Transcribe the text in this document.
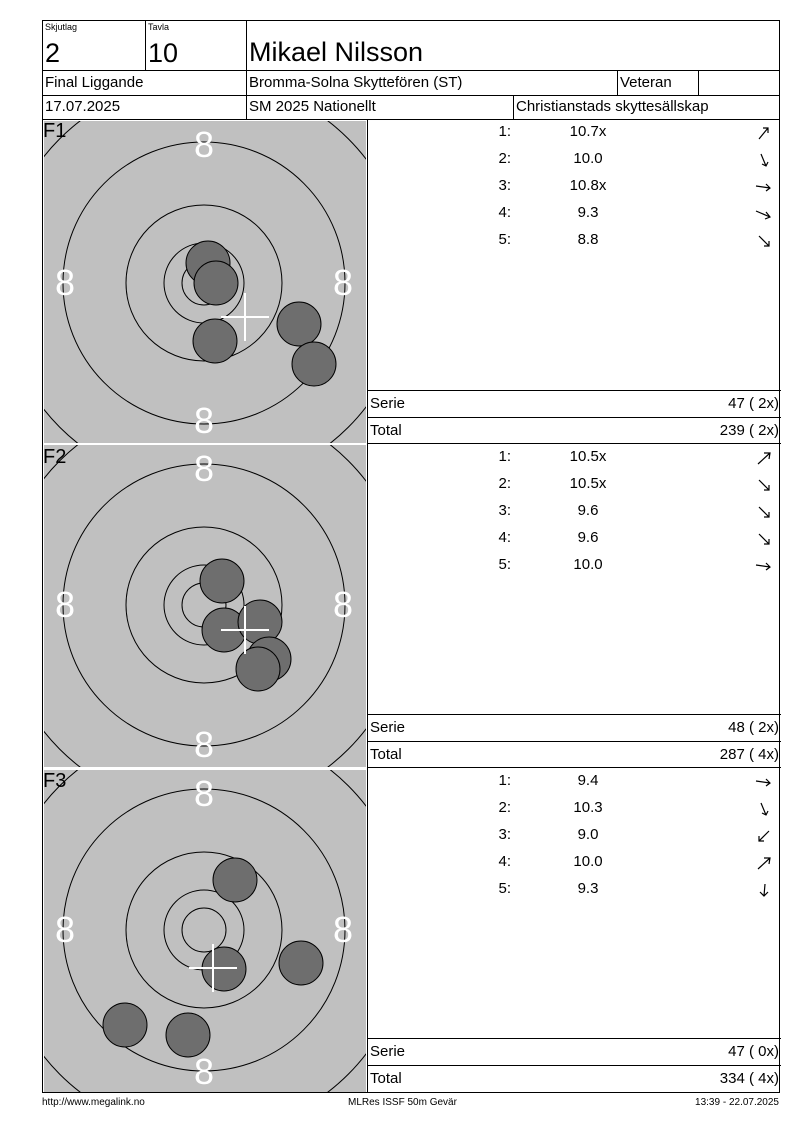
Skjutlag
2
Tavla
10	Mikael Nilsson
Final Liggande	Bromma-Solna Skyttefören (ST)	Veteran
17.07.2025	SM 2025 Nationellt	Christianstads skyttesällskap
8
8
8	8
F1	1:	10.7x
2:	10.0
3:	10.8x
4:	9.3
5:	8.8
Serie	47 ( 2x)
Total	239 ( 2x)
8
8
8	8
F2	1:	10.5x
2:	10.5x
3:	9.6
4:	9.6
5:	10.0
Serie	48 ( 2x)
Total	287 ( 4x)
8
8
8	8
F3	1:	9.4
2:	10.3
3:	9.0
4:	10.0
5:	9.3
Serie	47 ( 0x)
Total	334 ( 4x)
http://www.megalink.no	MLRes ISSF 50m Gevär	13:39 - 22.07.2025
